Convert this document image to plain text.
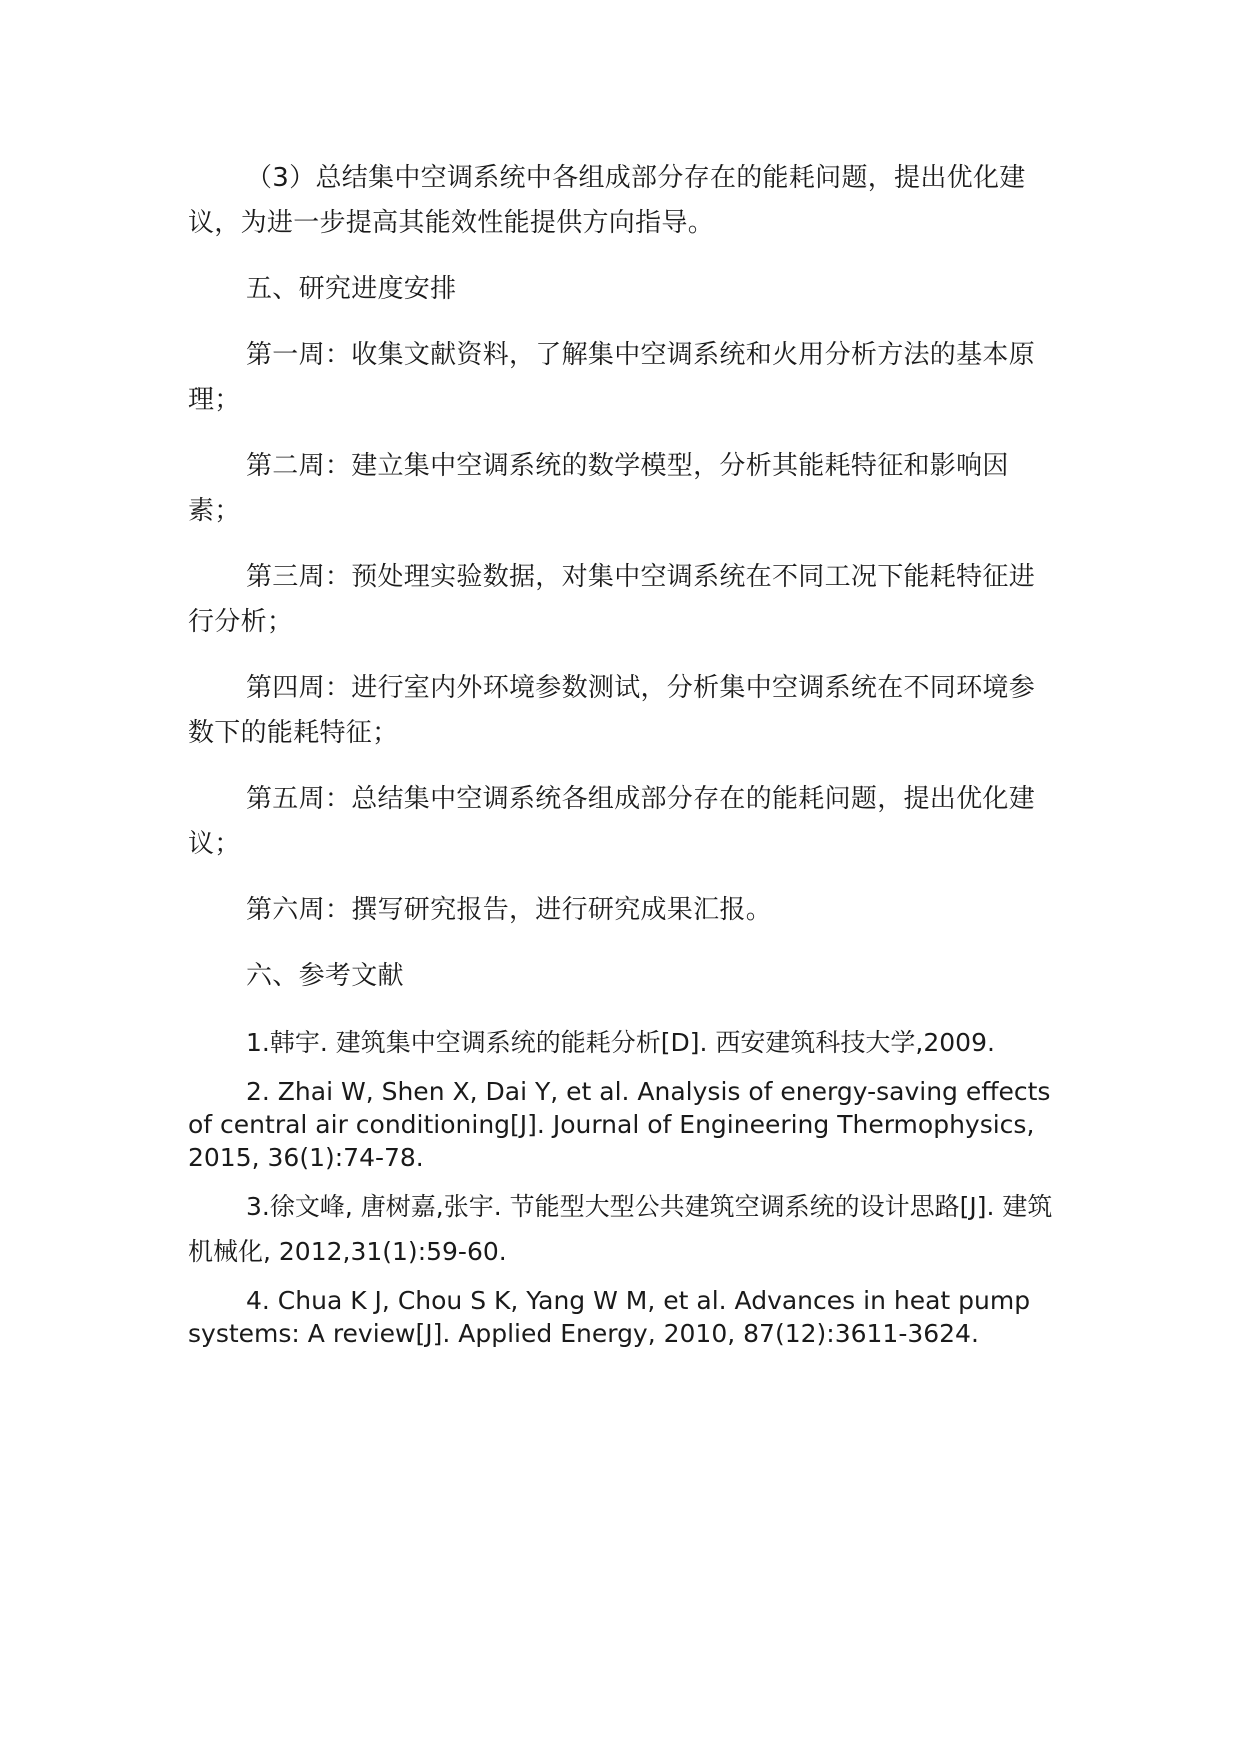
（3）总结集中空调系统中各组成部分存在的能耗问题，提出优化建议，为进一步提高其能效性能提供方向指导。

五、研究进度安排

第一周：收集文献资料，了解集中空调系统和火用分析方法的基本原理；

第二周：建立集中空调系统的数学模型，分析其能耗特征和影响因素；

第三周：预处理实验数据，对集中空调系统在不同工况下能耗特征进行分析；

第四周：进行室内外环境参数测试，分析集中空调系统在不同环境参数下的能耗特征；

第五周：总结集中空调系统各组成部分存在的能耗问题，提出优化建议；

第六周：撰写研究报告，进行研究成果汇报。

六、参考文献

1.韩宇. 建筑集中空调系统的能耗分析[D]. 西安建筑科技大学,2009.

2. Zhai W, Shen X, Dai Y, et al. Analysis of energy-saving effects of central air conditioning[J]. Journal of Engineering Thermophysics, 2015, 36(1):74-78.

3.徐文峰, 唐树嘉,张宇. 节能型大型公共建筑空调系统的设计思路[J]. 建筑机械化, 2012,31(1):59-60.

4. Chua K J, Chou S K, Yang W M, et al. Advances in heat pump systems: A review[J]. Applied Energy, 2010, 87(12):3611-3624.
